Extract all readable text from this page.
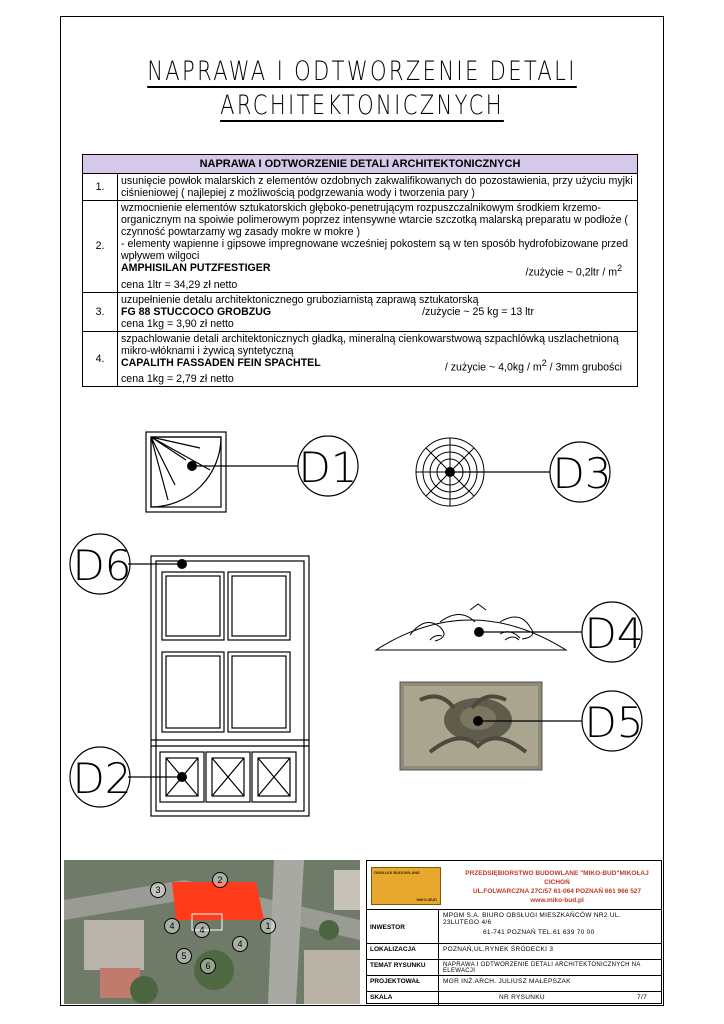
NAPRAWA I ODTWORZENIE DETALI
ARCHITEKTONICZNYCH
NAPRAWA I ODTWORZENIE DETALI ARCHITEKTONICZNYCH	
1.	usunięcie powłok malarskich z elementów ozdobnych zakwalifikowanych do pozostawienia, przy użyciu myjki ciśnieniowej ( najlepiej z możliwością podgrzewania wody i tworzenia pary )
2.	wzmocnienie elementów sztukatorskich głęboko-penetrującym rozpuszczalnikowym środkiem krzemo-organicznym na spoiwie polimerowym poprzez intensywne wtarcie szczotką malarską preparatu w podłoże ( czynność powtarzamy wg zasady mokre w mokre )
- elementy wapienne i gipsowe impregnowane wcześniej pokostem są w ten sposób hydrofobizowane przed wpływem wilgoci
AMPHISILAN PUTZFESTIGER /zużycie ~ $0,2ltr / m^2$
cena 1ltr = 34,29 zł netto

3.	uzupełnienie detalu architektonicznego gruboziarnistą zaprawą sztukatorską
FG 88 STUCCOCO GROBZUG /zużycie ~ 25 kg = 13 ltr
cena 1kg = 3,90 zł netto

4.	szpachlowanie detali architektonicznych gładką, mineralną cienkowarstwową szpachlówką uszlachetnioną mikro-włóknami i żywicą syntetyczną
CAPALITH FASSADEN FEIN SPACHTEL / zużycie ~ $4,0kg / m^2 / 3mm$ grubości
cena 1kg = 2,79 zł netto
D1	D3
D6
D2
D4
D5
3
2
1
4	4
4
5
6
OBSŁUGI BUDOWLANE
MIKO-BUD
PRZEDSIĘBIORSTWO BUDOWLANE "MIKO-BUD"MIKOŁAJ CICHOŃ
UL.FOLWARCZNA 27C/57 61-064 POZNAŃ 661 966 527
www.miko-bud.pl
INWESTOR
MPGM S.A. BIURO OBSŁUGI MIESZKAŃCÓW NR2 UL. 23LUTEGO 4/6
61-741 POZNAŃ TEL.61 639 70 00
LOKALIZACJA	POZNAŃ,UL.RYNEK ŚRÓDECKI 3
TEMAT RYSUNKU	NAPRAWA I ODTWORZENIE DETALI ARCHITEKTONICZNYCH NA ELEWACJI
PROJEKTOWAŁ	MGR INŻ.ARCH. JULIUSZ MAŁEPSZAK
SKALA	NR RYSUNKU	7/7
